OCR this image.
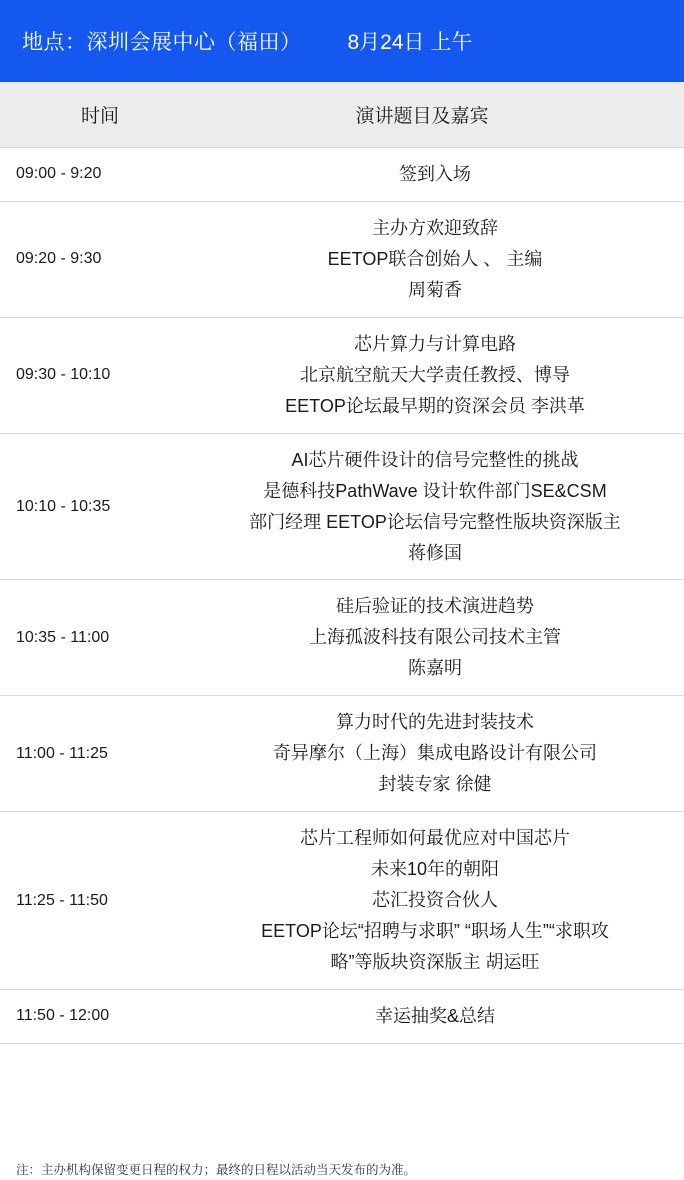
地点：深圳会展中心（福田） 8月24日 上午
时间	演讲题目及嘉宾
09:00 - 9:20	签到入场
09:20 - 9:30
主办方欢迎致辞
EETOP联合创始人 、 主编
周菊香
09:30 - 10:10
芯片算力与计算电路
北京航空航天大学责任教授、博导
EETOP论坛最早期的资深会员 李洪革
10:10 - 10:35
AI芯片硬件设计的信号完整性的挑战
是德科技PathWave 设计软件部门SE&CSM
部门经理 EETOP论坛信号完整性版块资深版主
蒋修国
10:35 - 11:00
硅后验证的技术演进趋势
上海孤波科技有限公司技术主管
陈嘉明
11:00 - 11:25
算力时代的先进封装技术
奇异摩尔（上海）集成电路设计有限公司
封装专家 徐健
11:25 - 11:50
芯片工程师如何最优应对中国芯片
未来10年的朝阳
芯汇投资合伙人
EETOP论坛“招聘与求职” “职场人生”“求职攻
略”等版块资深版主 胡运旺
11:50 - 12:00	幸运抽奖&总结
注：主办机构保留变更日程的权力；最终的日程以活动当天发布的为准。
